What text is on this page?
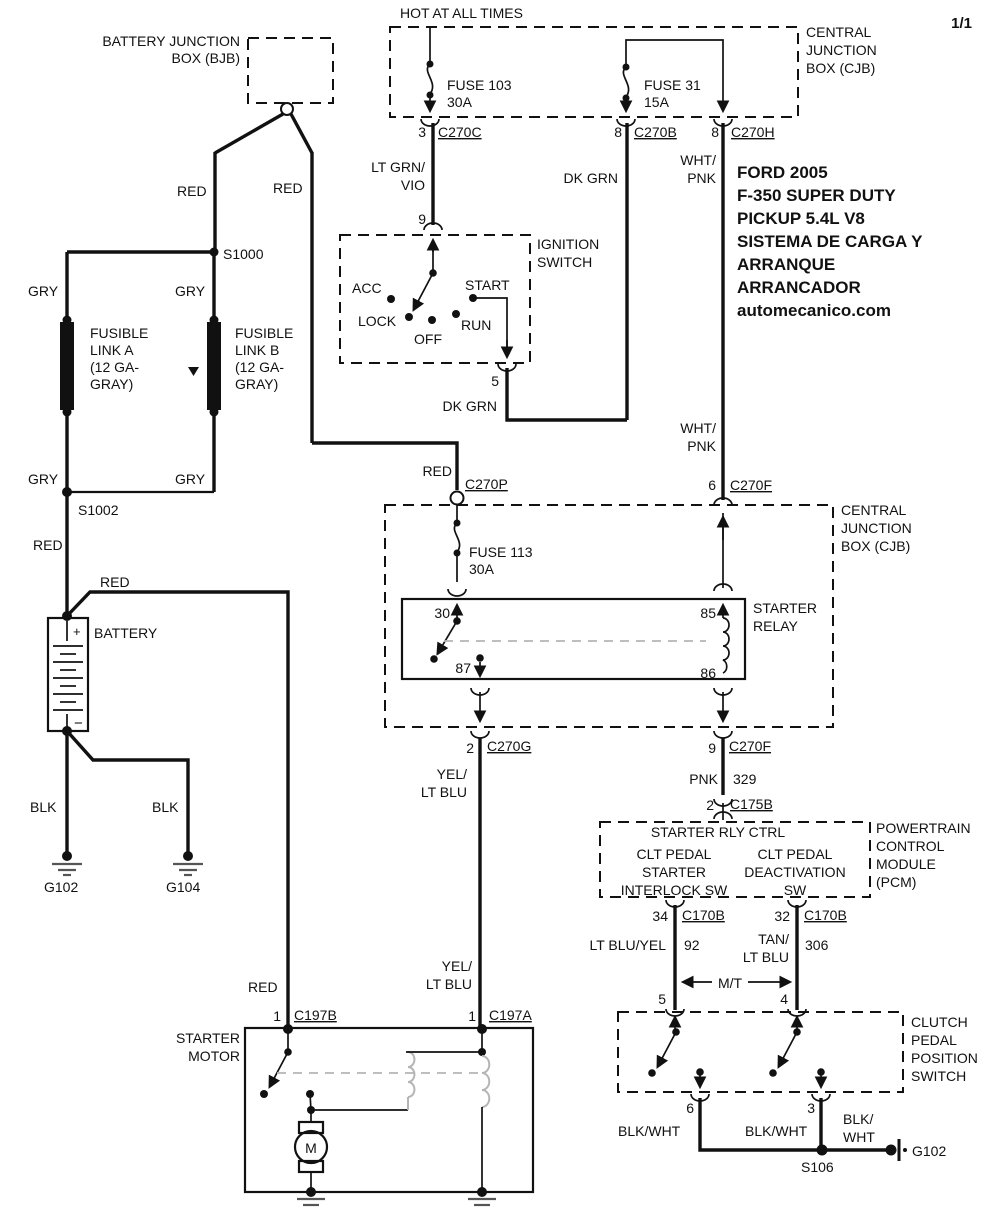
HOT AT ALL TIMES
CENTRAL
JUNCTION
BOX (CJB)
1/1
FUSE 103
30A
FUSE 31
15A
3 C270C	8 C270B 8 C270H
LT GRN/
VIO	DK GRN
WHT/
PNK FORD 2005
F-350 SUPER DUTY
PICKUP 5.4L V8
SISTEMA DE CARGA Y
ARRANQUE
ARRANCADOR
automecanico.com
BATTERY JUNCTION
BOX (BJB)
RED	RED
S1000
GRY	GRY
FUSIBLE
LINK A
(12 GA-
GRAY)
FUSIBLE
LINK B
(12 GA-
GRAY)
GRY	GRY
S1002
RED
+
−
BATTERY
RED
BLK	BLK
G102	G104
9
IGNITION
SWITCH
ACC
LOCK
OFF
RUN
START
5
DK GRN
WHT/
PNK
RED
C270P
CENTRAL
JUNCTION
BOX (CJB)
6 C270F
FUSE 113
30A
STARTER
RELAY
30
87
85
86
2 C270G	9 C270F
YEL/
LT BLU
YEL/
LT BLU
PNK 329
2 C175B
STARTER RLY CTRL
CLT PEDAL
STARTER
INTERLOCK SW
CLT PEDAL
DEACTIVATION
SW
POWERTRAIN
CONTROL
MODULE
(PCM)
34 C170B	32 C170B
LT BLU/YEL 92	TAN/
LT BLU
306
M/T
5	4
CLUTCH
PEDAL
POSITION
SWITCH
6	3
BLK/WHT	BLK/WHT
S106
BLK/
WHT
G102
RED
1 C197B	1 C197A
STARTER
MOTOR
M
